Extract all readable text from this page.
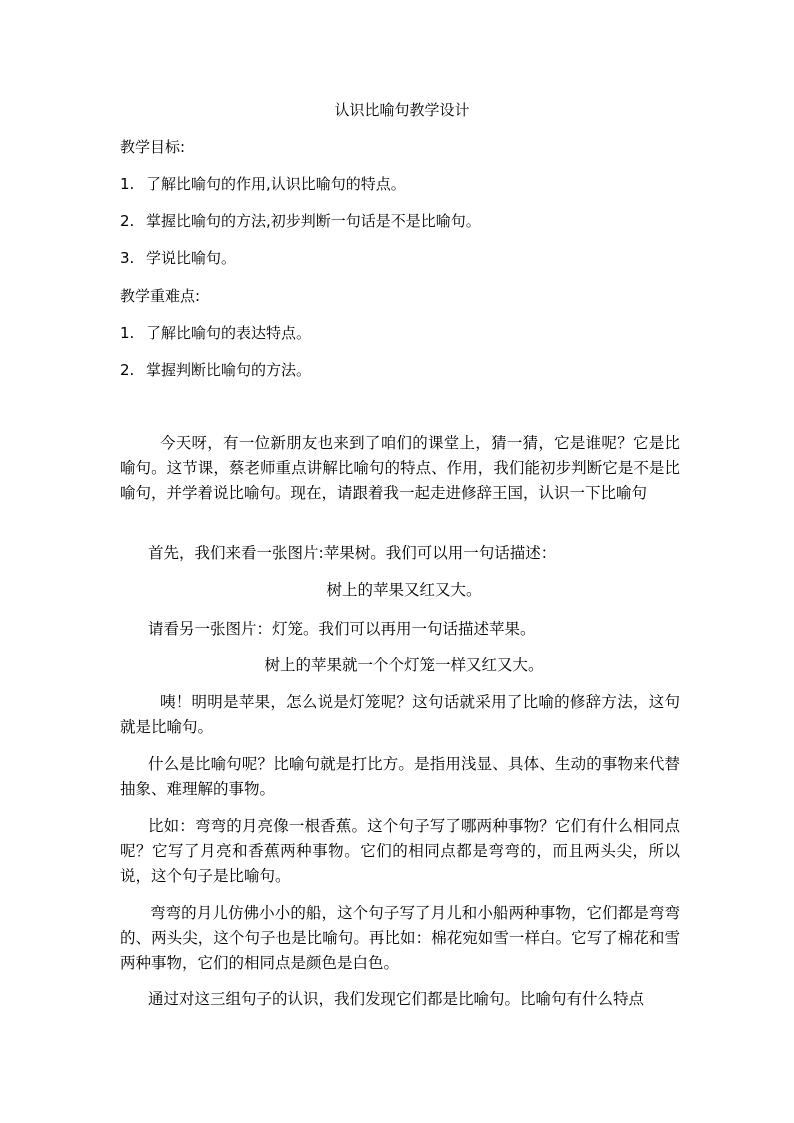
认识比喻句教学设计
教学目标:
1. 了解比喻句的作用,认识比喻句的特点。
2. 掌握比喻句的方法,初步判断一句话是不是比喻句。
3. 学说比喻句。
教学重难点:
1. 了解比喻句的表达特点。
2. 掌握判断比喻句的方法。
今天呀，有一位新朋友也来到了咱们的课堂上，猜一猜，它是谁呢？它是比喻句。这节课，蔡老师重点讲解比喻句的特点、作用，我们能初步判断它是不是比喻句，并学着说比喻句。现在，请跟着我一起走进修辞王国，认识一下比喻句
首先，我们来看一张图片:苹果树。我们可以用一句话描述：
树上的苹果又红又大。
请看另一张图片：灯笼。我们可以再用一句话描述苹果。
树上的苹果就一个个灯笼一样又红又大。
咦！明明是苹果，怎么说是灯笼呢？这句话就采用了比喻的修辞方法，这句就是比喻句。
什么是比喻句呢？比喻句就是打比方。是指用浅显、具体、生动的事物来代替抽象、难理解的事物。
比如：弯弯的月亮像一根香蕉。这个句子写了哪两种事物？它们有什么相同点呢？它写了月亮和香蕉两种事物。它们的相同点都是弯弯的，而且两头尖，所以说，这个句子是比喻句。
弯弯的月儿仿佛小小的船，这个句子写了月儿和小船两种事物，它们都是弯弯的、两头尖，这个句子也是比喻句。再比如：棉花宛如雪一样白。它写了棉花和雪两种事物，它们的相同点是颜色是白色。
通过对这三组句子的认识，我们发现它们都是比喻句。比喻句有什么特点
